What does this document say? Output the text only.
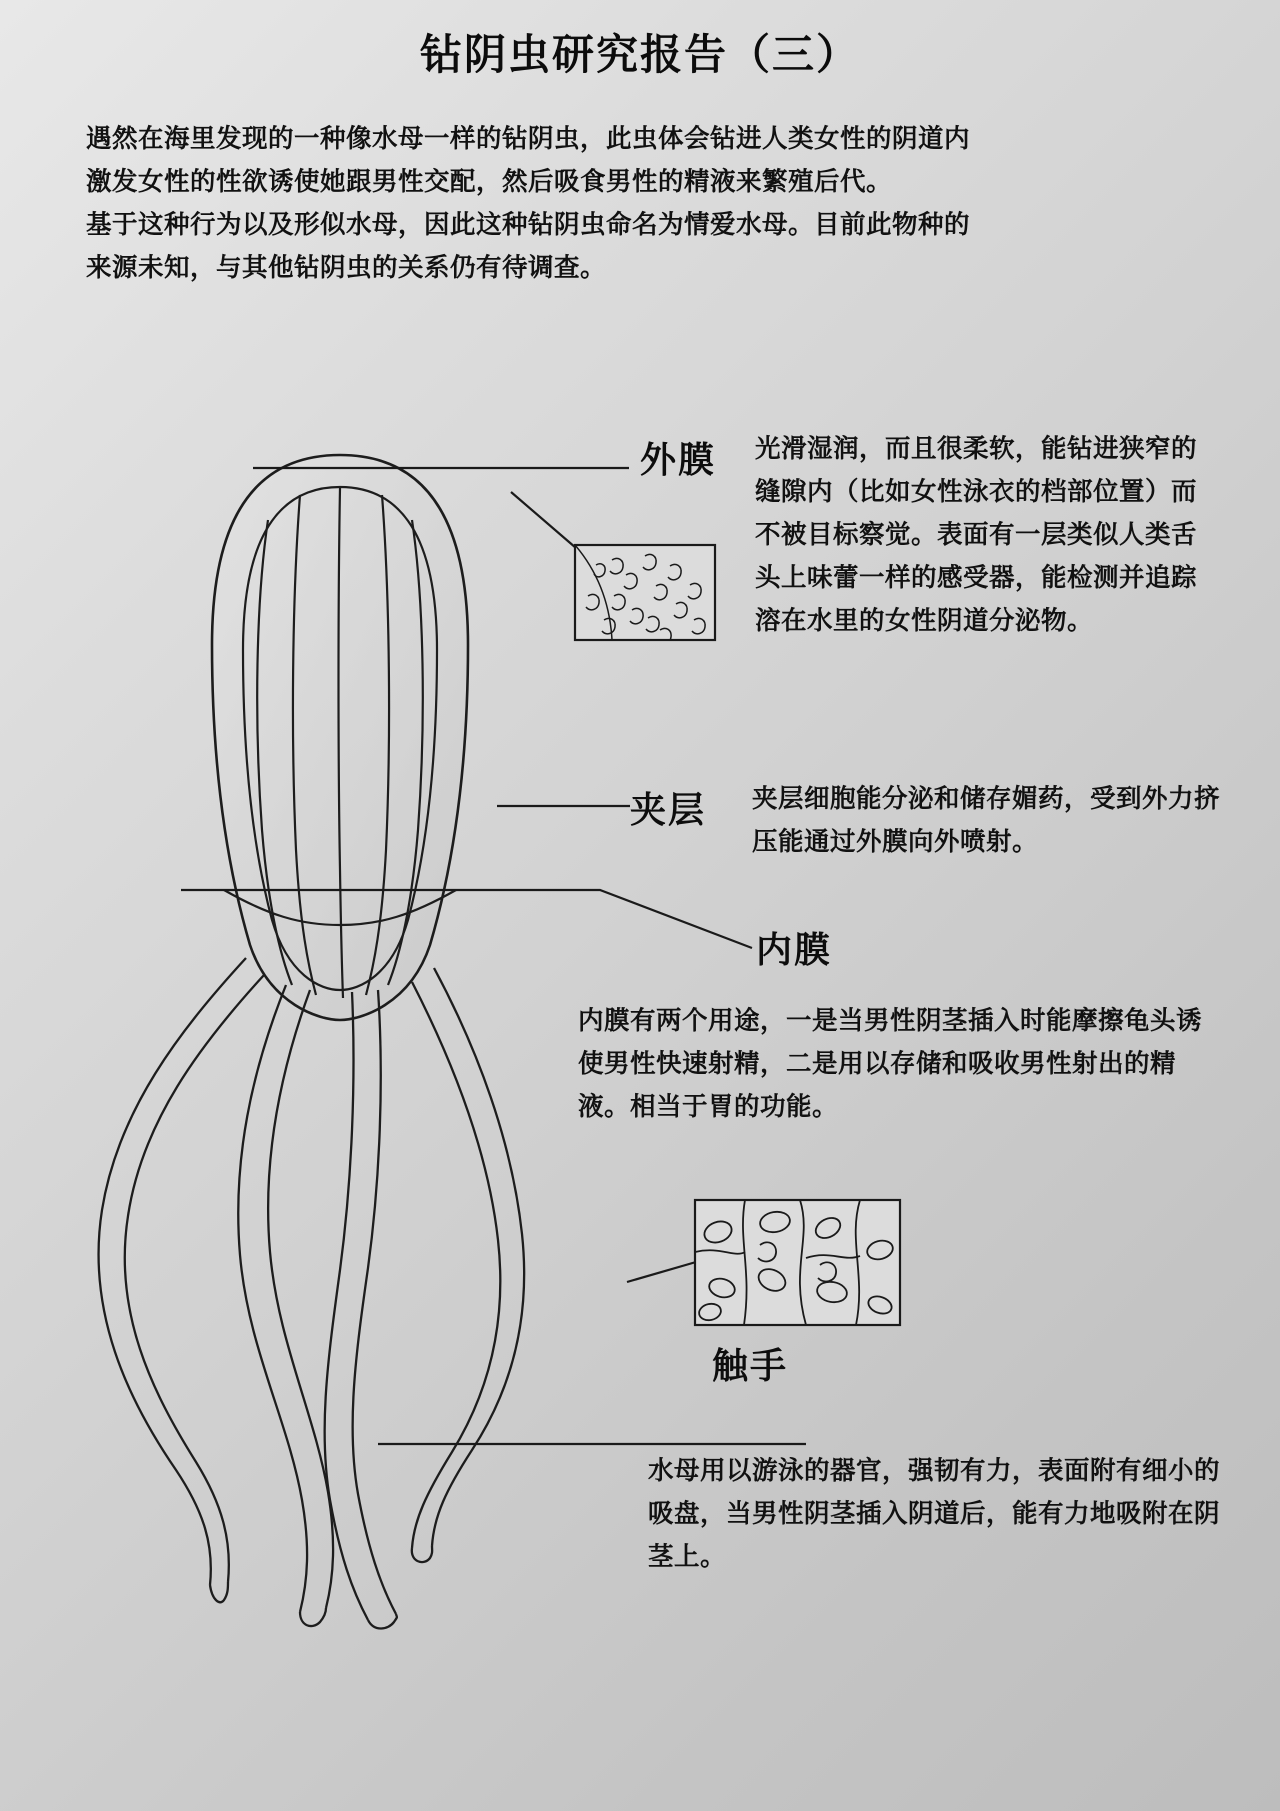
钻阴虫研究报告（三）

遇然在海里发现的一种像水母一样的钻阴虫，此虫体会钻进人类女性的阴道内

激发女性的性欲诱使她跟男性交配，然后吸食男性的精液来繁殖后代。

基于这种行为以及形似水母，因此这种钻阴虫命名为情爱水母。目前此物种的

来源未知，与其他钻阴虫的关系仍有待调查。

外膜 光滑湿润，而且很柔软，能钻进狭窄的缝隙内（比如女性泳衣的档部位置）而不被目标察觉。表面有一层类似人类舌头上味蕾一样的感受器，能检测并追踪溶在水里的女性阴道分泌物。
夹层 夹层细胞能分泌和储存媚药，受到外力挤压能通过外膜向外喷射。
内膜
内膜有两个用途，一是当男性阴茎插入时能摩擦龟头诱使男性快速射精，二是用以存储和吸收男性射出的精液。相当于胃的功能。
触手
水母用以游泳的器官，强韧有力，表面附有细小的吸盘，当男性阴茎插入阴道后，能有力地吸附在阴茎上。
